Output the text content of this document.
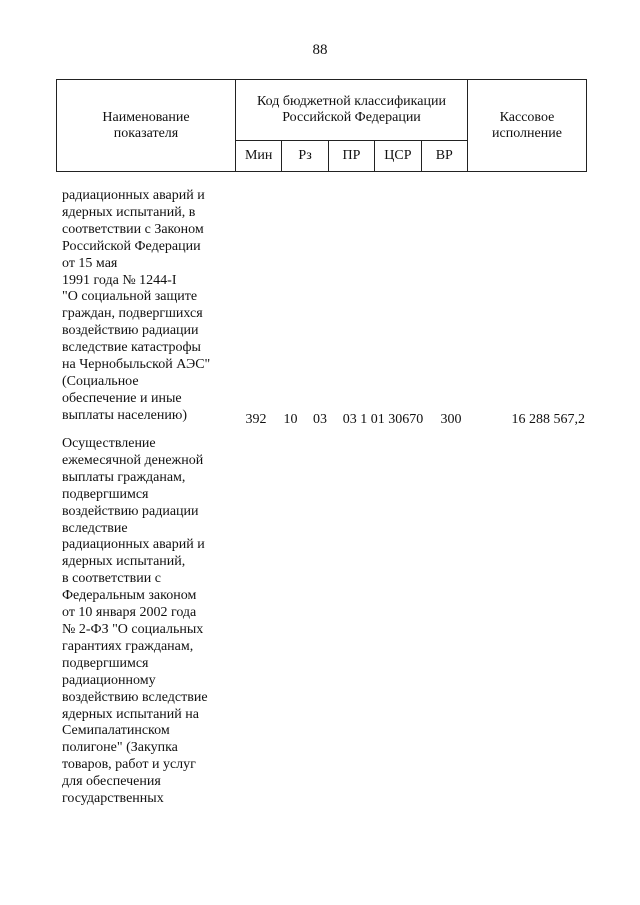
88
Наименование
показателя	Код бюджетной классификации
Российской Федерации					Кассовое
исполнение
	Мин	Рз	ПР	ЦСР	ВР	
радиационных аварий и
ядерных испытаний, в
соответствии с Законом
Российской Федерации
от 15 мая
1991 года № 1244-I
"О социальной защите
граждан, подвергшихся
воздействию радиации
вследствие катастрофы
на Чернобыльской АЭС"
(Социальное
обеспечение и иные
выплаты населению)	392	10	03	03 1 01 30670	300	16 288 567,2
Осуществление
ежемесячной денежной
выплаты гражданам,
подвергшимся
воздействию радиации
вследствие
радиационных аварий и
ядерных испытаний,
в соответствии с
Федеральным законом
от 10 января 2002 года
№ 2-ФЗ "О социальных
гарантиях гражданам,
подвергшимся
радиационному
воздействию вследствие
ядерных испытаний на
Семипалатинском
полигоне" (Закупка
товаров, работ и услуг
для обеспечения
государственных
